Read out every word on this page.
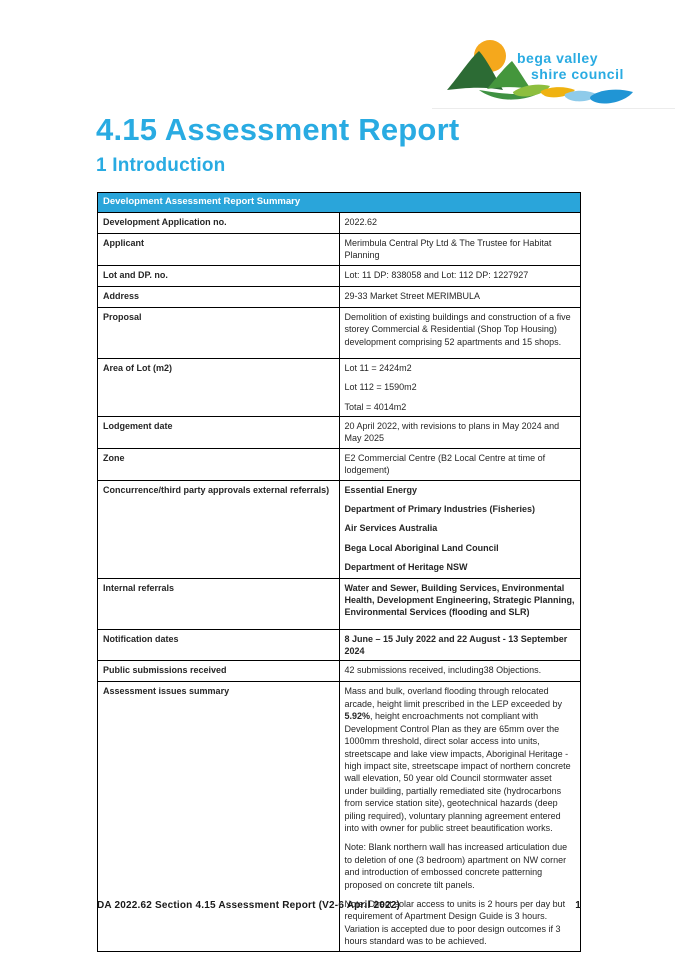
bega valley
shire council
4.15 Assessment Report
1 Introduction
Development Assessment Report Summary	
Development Application no.	2022.62

Applicant	Merimbula Central Pty Ltd & The Trustee for Habitat Planning

Lot and DP. no.	Lot: 11 DP: 838058 and Lot: 112 DP: 1227927

Address	29-33 Market Street MERIMBULA

Proposal	Demolition of existing buildings and construction of a five storey Commercial & Residential (Shop Top Housing) development comprising 52 apartments and 15 shops.

Area of Lot (m2)	Lot 11 = 2424m2

Lot 112 = 1590m2

Total = 4014m2

Lodgement date	20 April 2022, with revisions to plans in May 2024 and May 2025

Zone	E2 Commercial Centre (B2 Local Centre at time of lodgement)

Concurrence/third party approvals external referrals)	Essential Energy

Department of Primary Industries (Fisheries)

Air Services Australia

Bega Local Aboriginal Land Council

Department of Heritage NSW

Internal referrals	Water and Sewer, Building Services, Environmental Health, Development Engineering, Strategic Planning, Environmental Services (flooding and SLR)

Notification dates	8 June – 15 July 2022 and 22 August - 13 September 2024

Public submissions received	42 submissions received, including38 Objections.

Assessment issues summary	Mass and bulk, overland flooding through relocated arcade, height limit prescribed in the LEP exceeded by 5.92%, height encroachments not compliant with Development Control Plan as they are 65mm over the 1000mm threshold, direct solar access into units, streetscape and lake view impacts, Aboriginal Heritage - high impact site, streetscape impact of northern concrete wall elevation, 50 year old Council stormwater asset under building, partially remediated site (hydrocarbons from service station site), geotechnical hazards (deep piling required), voluntary planning agreement entered into with owner for public street beautification works.

Note: Blank northern wall has increased articulation due to deletion of one (3 bedroom) apartment on NW corner and introduction of embossed concrete patterning proposed on concrete tilt panels.

Note: Direct solar access to units is 2 hours per day but requirement of Apartment Design Guide is 3 hours. Variation is accepted due to poor design outcomes if 3 hours standard was to be achieved.

DA 2022.62 Section 4.15 Assessment Report (V2-6 April 2022)	1
